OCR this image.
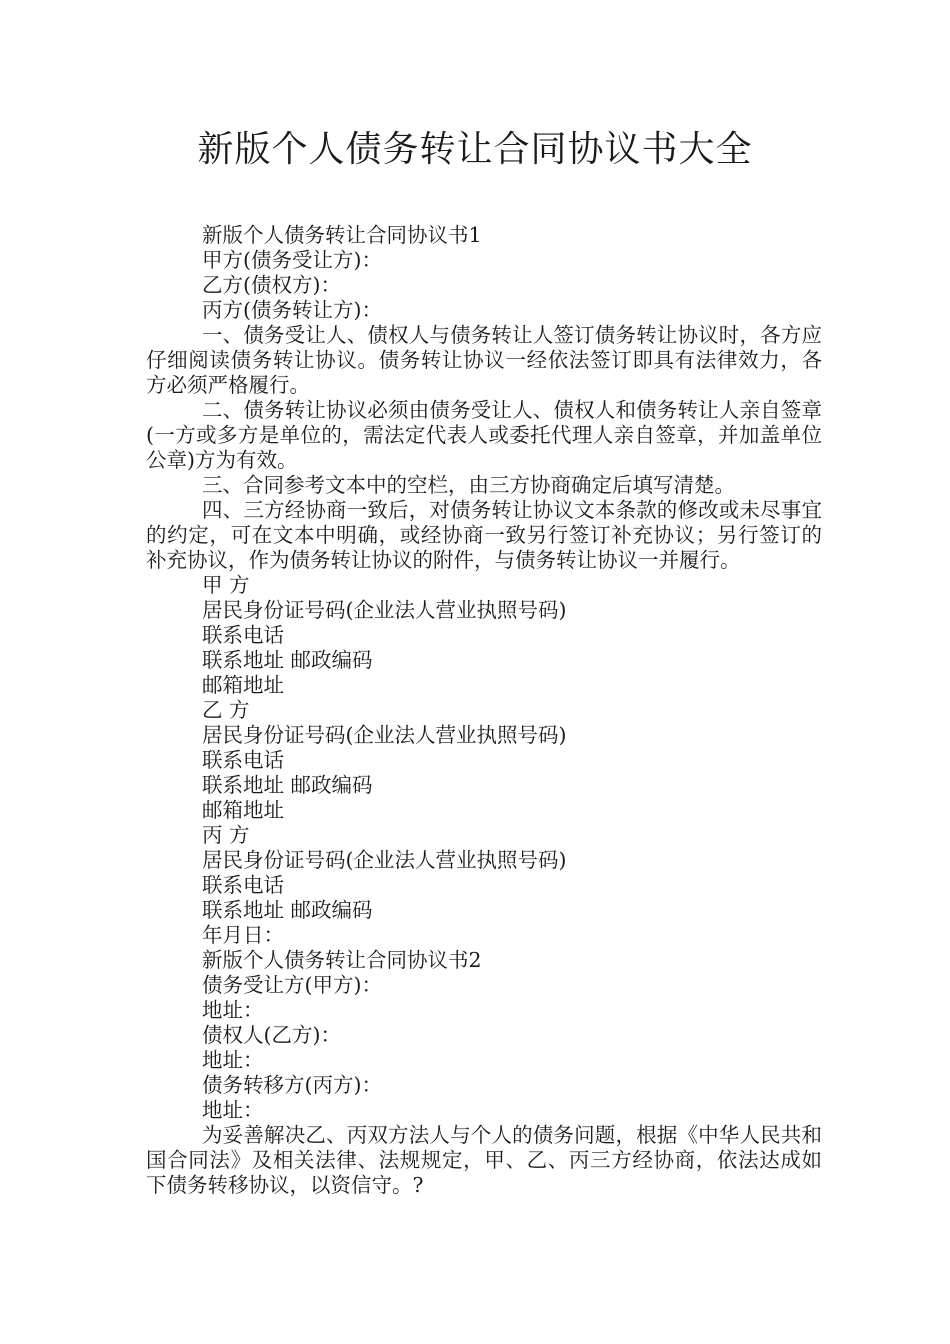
新版个人债务转让合同协议书大全

新版个人债务转让合同协议书1

甲方(债务受让方)：

乙方(债权方)：

丙方(债务转让方)：

一、债务受让人、债权人与债务转让人签订债务转让协议时，各方应仔细阅读债务转让协议。债务转让协议一经依法签订即具有法律效力，各方必须严格履行。

二、债务转让协议必须由债务受让人、债权人和债务转让人亲自签章(一方或多方是单位的，需法定代表人或委托代理人亲自签章，并加盖单位公章)方为有效。

三、合同参考文本中的空栏，由三方协商确定后填写清楚。

四、三方经协商一致后，对债务转让协议文本条款的修改或未尽事宜的约定，可在文本中明确，或经协商一致另行签订补充协议；另行签订的补充协议，作为债务转让协议的附件，与债务转让协议一并履行。

甲 方

居民身份证号码(企业法人营业执照号码)

联系电话

联系地址 邮政编码

邮箱地址

乙 方

居民身份证号码(企业法人营业执照号码)

联系电话

联系地址 邮政编码

邮箱地址

丙 方

居民身份证号码(企业法人营业执照号码)

联系电话

联系地址 邮政编码

年月日：

新版个人债务转让合同协议书2

债务受让方(甲方)：

地址：

债权人(乙方)：

地址：

债务转移方(丙方)：

地址：

为妥善解决乙、丙双方法人与个人的债务问题，根据《中华人民共和国合同法》及相关法律、法规规定，甲、乙、丙三方经协商，依法达成如下债务转移协议，以资信守。?
